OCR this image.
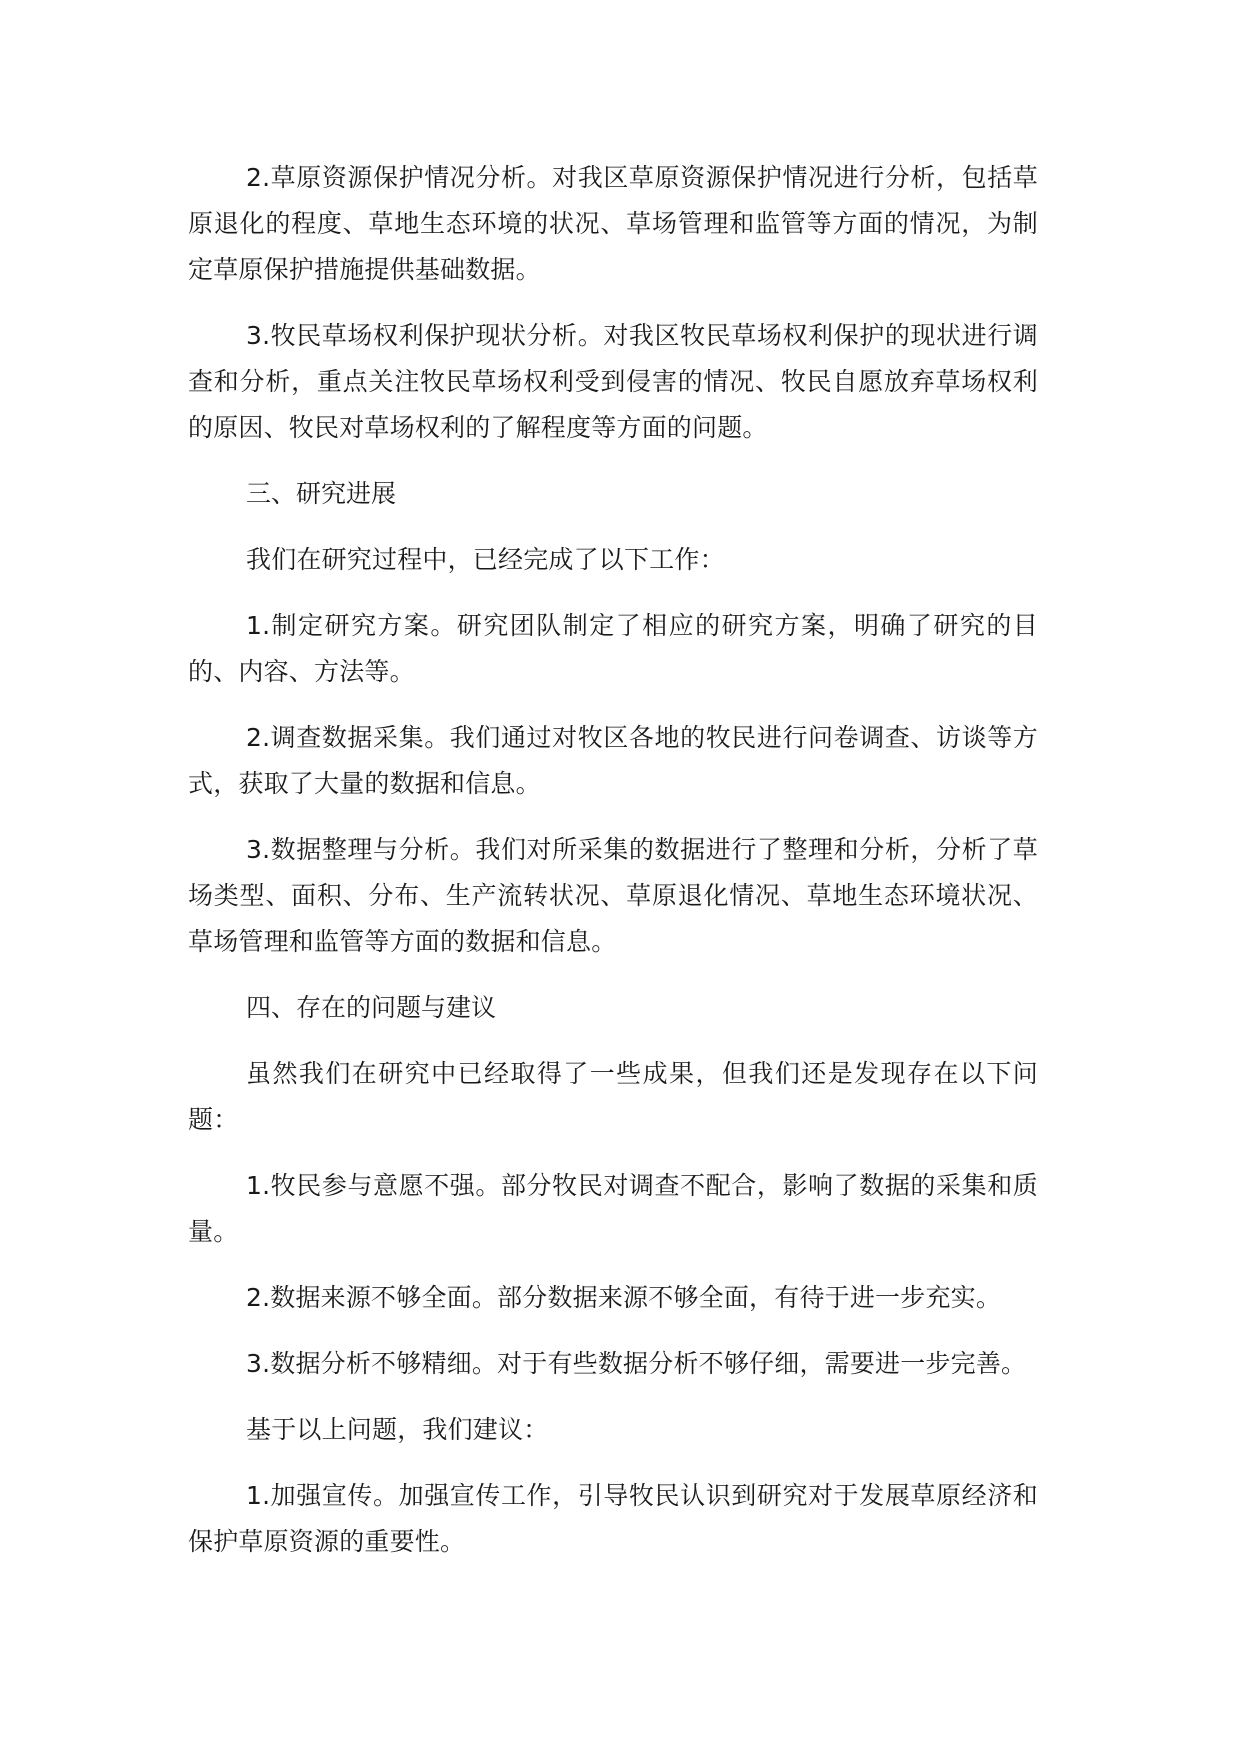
2.草原资源保护情况分析。对我区草原资源保护情况进行分析，包括草原退化的程度、草地生态环境的状况、草场管理和监管等方面的情况，为制定草原保护措施提供基础数据。

3.牧民草场权利保护现状分析。对我区牧民草场权利保护的现状进行调查和分析，重点关注牧民草场权利受到侵害的情况、牧民自愿放弃草场权利的原因、牧民对草场权利的了解程度等方面的问题。

三、研究进展

我们在研究过程中，已经完成了以下工作：

1.制定研究方案。研究团队制定了相应的研究方案，明确了研究的目的、内容、方法等。

2.调查数据采集。我们通过对牧区各地的牧民进行问卷调查、访谈等方式，获取了大量的数据和信息。

3.数据整理与分析。我们对所采集的数据进行了整理和分析，分析了草场类型、面积、分布、生产流转状况、草原退化情况、草地生态环境状况、草场管理和监管等方面的数据和信息。

四、存在的问题与建议

虽然我们在研究中已经取得了一些成果，但我们还是发现存在以下问题：

1.牧民参与意愿不强。部分牧民对调查不配合，影响了数据的采集和质量。

2.数据来源不够全面。部分数据来源不够全面，有待于进一步充实。

3.数据分析不够精细。对于有些数据分析不够仔细，需要进一步完善。

基于以上问题，我们建议：

1.加强宣传。加强宣传工作，引导牧民认识到研究对于发展草原经济和保护草原资源的重要性。
